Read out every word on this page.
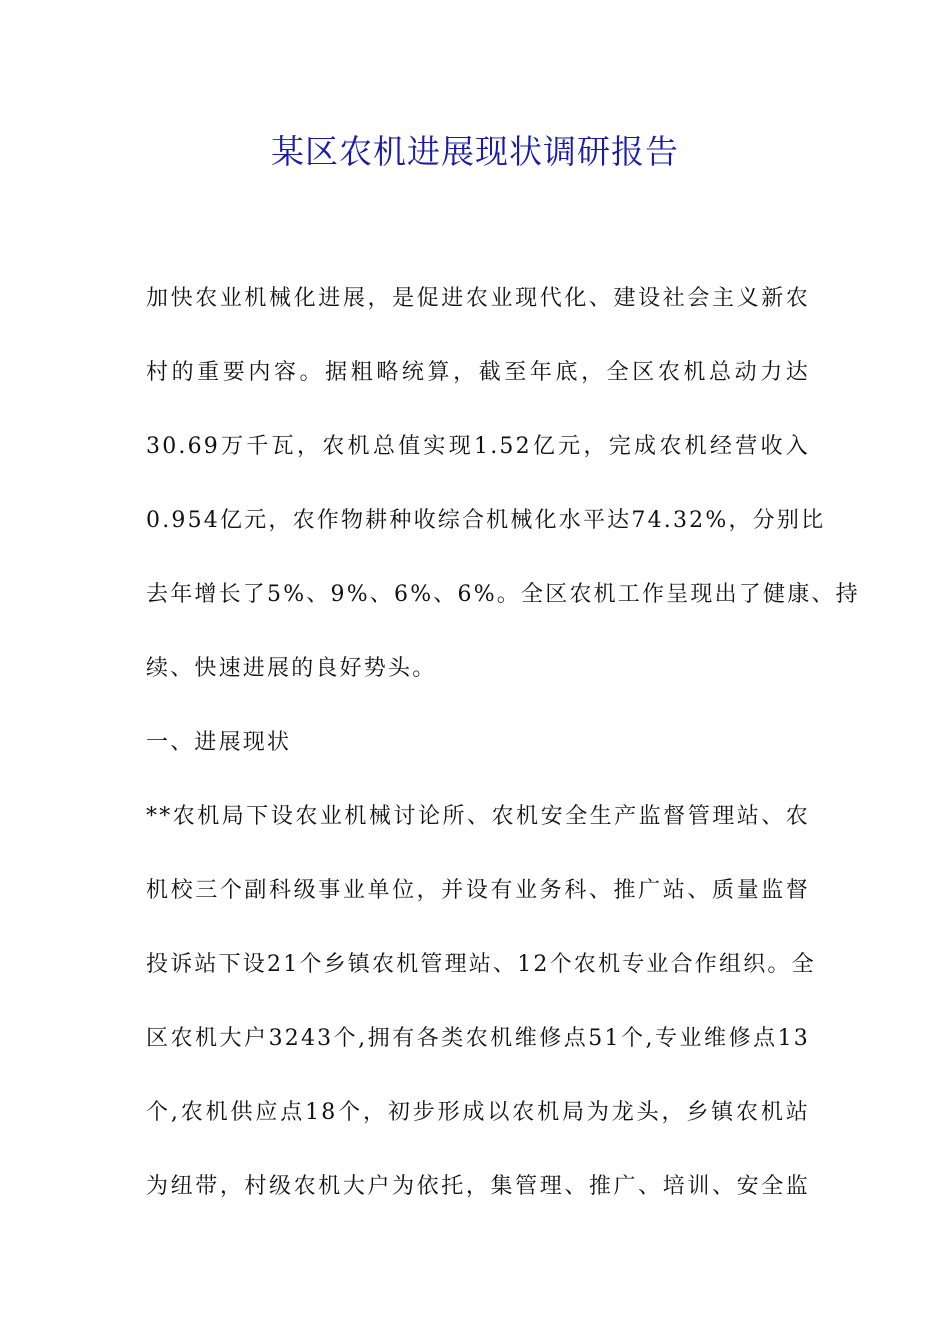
某区农机进展现状调研报告
加快农业机械化进展，是促进农业现代化、建设社会主义新农
村的重要内容。据粗略统算，截至年底，全区农机总动力达
30.69万千瓦，农机总值实现1.52亿元，完成农机经营收入
0.954亿元，农作物耕种收综合机械化水平达74.32%，分别比
去年增长了5%、9%、6%、6%。全区农机工作呈现出了健康、持
续、快速进展的良好势头。
一、进展现状
**农机局下设农业机械讨论所、农机安全生产监督管理站、农
机校三个副科级事业单位，并设有业务科、推广站、质量监督
投诉站下设21个乡镇农机管理站、12个农机专业合作组织。全
区农机大户3243个,拥有各类农机维修点51个,专业维修点13
个,农机供应点18个，初步形成以农机局为龙头，乡镇农机站
为纽带，村级农机大户为依托，集管理、推广、培训、安全监
